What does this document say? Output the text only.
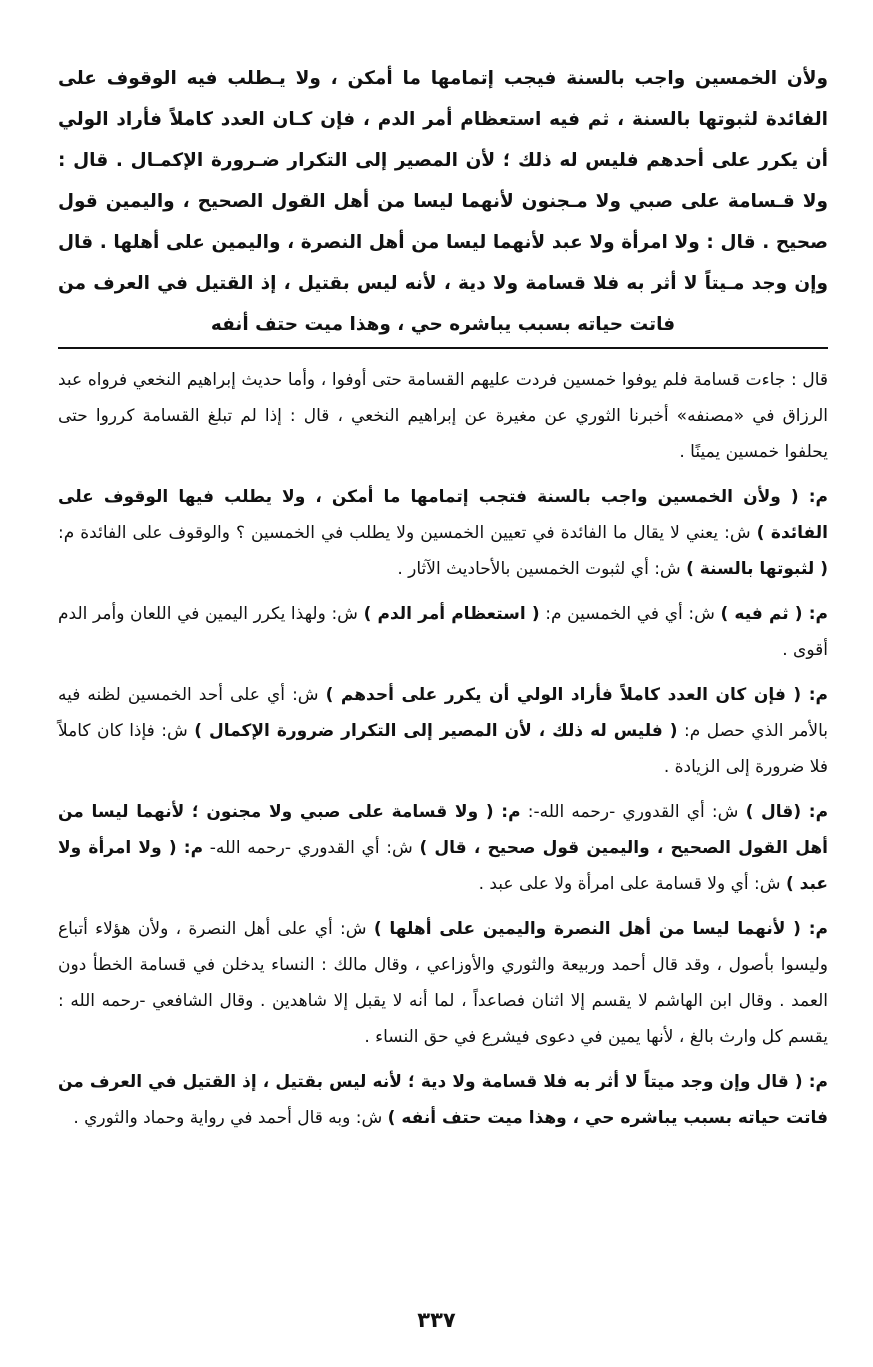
ولأن الخمسين واجب بالسنة فيجب إتمامها ما أمكن ، ولا يـطلب فيه الوقوف على الفائدة لثبوتها بالسنة ، ثم فيه استعظام أمر الدم ، فإن كـان العدد كاملاً فأراد الولي أن يكرر على أحدهم فليس له ذلك ؛ لأن المصير إلى التكرار ضـرورة الإكمـال . قال : ولا قـسامة على صبي ولا مـجنون لأنهما ليسا من أهل القول الصحيح ، واليمين قول صحيح . قال : ولا امرأة ولا عبد لأنهما ليسا من أهل النصرة ، واليمين على أهلها . قال وإن وجد مـيتاً لا أثر به فلا قسامة ولا دية ، لأنه ليس بقتيل ، إذ القتيل في العرف من فاتت حياته بسبب يباشره حي ، وهذا ميت حتف أنفه

قال : جاءت قسامة فلم يوفوا خمسين فردت عليهم القسامة حتى أوفوا ، وأما حديث إبراهيم النخعي فرواه عبد الرزاق في «مصنفه» أخبرنا الثوري عن مغيرة عن إبراهيم النخعي ، قال : إذا لم تبلغ القسامة كرروا حتى يحلفوا خمسين يمينًا .

م: ( ولأن الخمسين واجب بالسنة فتجب إتمامها ما أمكن ، ولا يطلب فيها الوقوف على الفائدة ) ش: يعني لا يقال ما الفائدة في تعيين الخمسين ولا يطلب في الخمسين ؟ والوقوف على الفائدة م: ( لثبوتها بالسنة ) ش: أي لثبوت الخمسين بالأحاديث الآثار .

م: ( ثم فيه ) ش: أي في الخمسين م: ( استعظام أمر الدم ) ش: ولهذا يكرر اليمين في اللعان وأمر الدم أقوى .

م: ( فإن كان العدد كاملاً فأراد الولي أن يكرر على أحدهم ) ش: أي على أحد الخمسين لظنه فيه بالأمر الذي حصل م: ( فليس له ذلك ، لأن المصير إلى التكرار ضرورة الإكمال ) ش: فإذا كان كاملاً فلا ضرورة إلى الزيادة .

م: (قال ) ش: أي القدوري -رحمه الله-: م: ( ولا قسامة على صبي ولا مجنون ؛ لأنهما ليسا من أهل القول الصحيح ، واليمين قول صحيح ، قال ) ش: أي القدوري -رحمه الله- م: ( ولا امرأة ولا عبد ) ش: أي ولا قسامة على امرأة ولا على عبد .

م: ( لأنهما ليسا من أهل النصرة واليمين على أهلها ) ش: أي على أهل النصرة ، ولأن هؤلاء أتباع وليسوا بأصول ، وقد قال أحمد وربيعة والثوري والأوزاعي ، وقال مالك : النساء يدخلن في قسامة الخطأ دون العمد . وقال ابن الهاشم لا يقسم إلا اثنان فصاعداً ، لما أنه لا يقبل إلا شاهدين . وقال الشافعي -رحمه الله : يقسم كل وارث بالغ ، لأنها يمين في دعوى فيشرع في حق النساء .

م: ( قال وإن وجد ميتاً لا أثر به فلا قسامة ولا دية ؛ لأنه ليس بقتيل ، إذ القتيل في العرف من فاتت حياته بسبب يباشره حي ، وهذا ميت حتف أنفه ) ش: وبه قال أحمد في رواية وحماد والثوري .

٣٣٧
